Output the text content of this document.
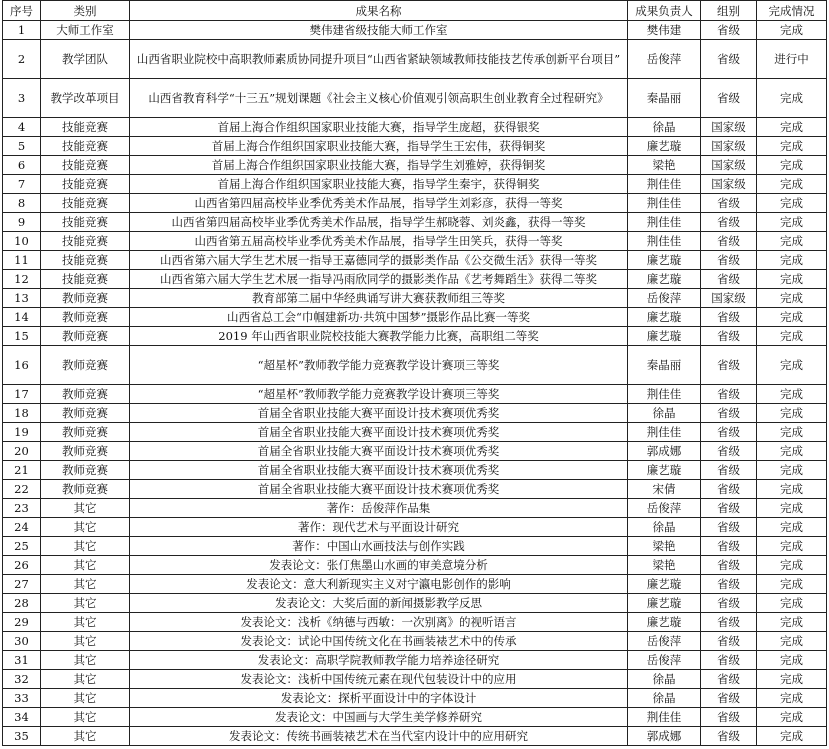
序号	类别	成果名称	成果负责人	组别	完成情况
1	大师工作室	樊伟建省级技能大师工作室	樊伟建	省级	完成
2	教学团队	山西省职业院校中高职教师素质协同提升项目“山西省紧缺领域教师技能技艺传承创新平台项目”	岳俊萍	省级	进行中
3	教学改革项目	山西省教育科学“十三五”规划课题《社会主义核心价值观引领高职生创业教育全过程研究》	秦晶丽	省级	完成
4	技能竞赛	首届上海合作组织国家职业技能大赛，指导学生庞超，获得银奖	徐晶	国家级	完成
5	技能竞赛	首届上海合作组织国家职业技能大赛，指导学生王宏伟，获得铜奖	廉艺璇	国家级	完成
6	技能竞赛	首届上海合作组织国家职业技能大赛，指导学生刘雅婷，获得铜奖	梁艳	国家级	完成
7	技能竞赛	首届上海合作组织国家职业技能大赛，指导学生秦宇，获得铜奖	荆佳佳	国家级	完成
8	技能竞赛	山西省第四届高校毕业季优秀美术作品展，指导学生刘彩彦，获得一等奖	荆佳佳	省级	完成
9	技能竞赛	山西省第四届高校毕业季优秀美术作品展，指导学生郝晓蓉、刘炎鑫，获得一等奖	荆佳佳	省级	完成
10	技能竞赛	山西省第五届高校毕业季优秀美术作品展，指导学生田笑兵，获得一等奖	荆佳佳	省级	完成
11	技能竞赛	山西省第六届大学生艺术展一指导王嘉德同学的摄影类作品《公交微生活》获得一等奖	廉艺璇	省级	完成
12	技能竞赛	山西省第六届大学生艺术展一指导冯雨欣同学的摄影类作品《艺考舞蹈生》获得二等奖	廉艺璇	省级	完成
13	教师竞赛	教育部第二届中华经典诵写讲大赛获教师组三等奖	岳俊萍	国家级	完成
14	教师竞赛	山西省总工会“巾帼建新功·共筑中国梦”摄影作品比赛一等奖	廉艺璇	省级	完成
15	教师竞赛	2019 年山西省职业院校技能大赛教学能力比赛，高职组二等奖	廉艺璇	省级	完成
16	教师竞赛	“超星杯”教师教学能力竞赛教学设计赛项三等奖	秦晶丽	省级	完成
17	教师竞赛	“超星杯”教师教学能力竞赛教学设计赛项三等奖	荆佳佳	省级	完成
18	教师竞赛	首届全省职业技能大赛平面设计技术赛项优秀奖	徐晶	省级	完成
19	教师竞赛	首届全省职业技能大赛平面设计技术赛项优秀奖	荆佳佳	省级	完成
20	教师竞赛	首届全省职业技能大赛平面设计技术赛项优秀奖	郭成娜	省级	完成
21	教师竞赛	首届全省职业技能大赛平面设计技术赛项优秀奖	廉艺璇	省级	完成
22	教师竞赛	首届全省职业技能大赛平面设计技术赛项优秀奖	宋倩	省级	完成
23	其它	著作：岳俊萍作品集	岳俊萍	省级	完成
24	其它	著作：现代艺术与平面设计研究	徐晶	省级	完成
25	其它	著作：中国山水画技法与创作实践	梁艳	省级	完成
26	其它	发表论文：张仃焦墨山水画的审美意境分析	梁艳	省级	完成
27	其它	发表论文：意大利新现实主义对宁瀛电影创作的影响	廉艺璇	省级	完成
28	其它	发表论文：大奖后面的新闻摄影教学反思	廉艺璇	省级	完成
29	其它	发表论文：浅析《纳德与西敏：一次别离》的视听语言	廉艺璇	省级	完成
30	其它	发表论文：试论中国传统文化在书画装裱艺术中的传承	岳俊萍	省级	完成
31	其它	发表论文：高职学院教师教学能力培养途径研究	岳俊萍	省级	完成
32	其它	发表论文：浅析中国传统元素在现代包装设计中的应用	徐晶	省级	完成
33	其它	发表论文：探析平面设计中的字体设计	徐晶	省级	完成
34	其它	发表论文：中国画与大学生美学修养研究	荆佳佳	省级	完成
35	其它	发表论文：传统书画装裱艺术在当代室内设计中的应用研究	郭成娜	省级	完成
